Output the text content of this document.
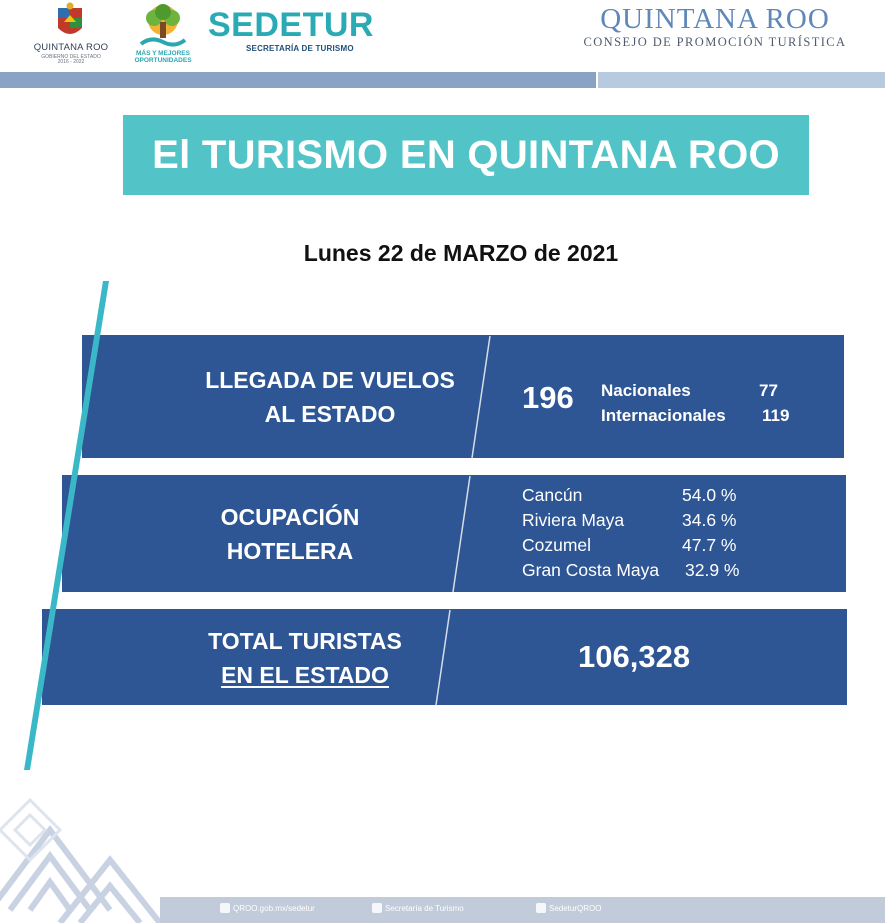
QUINTANA ROO
GOBIERNO DEL ESTADO
2016 - 2022
MÁS Y MEJORES
OPORTUNIDADES
SEDETUR
SECRETARÍA DE TURISMO
QUINTANA ROO
CONSEJO DE PROMOCIÓN TURÍSTICA
El TURISMO EN QUINTANA ROO
Lunes 22 de MARZO de 2021
LLEGADA DE VUELOS
AL ESTADO	196 Nacionales	77
Internacionales 119
OCUPACIÓN
HOTELERA
Cancún	54.0 %
Riviera Maya	34.6 %
Cozumel	47.7 %
Gran Costa Maya 32.9 %
TOTAL TURISTAS
EN EL ESTADO
106,328
QROO.gob.mx/sedetur	Secretaría de Turismo	SedeturQROO
